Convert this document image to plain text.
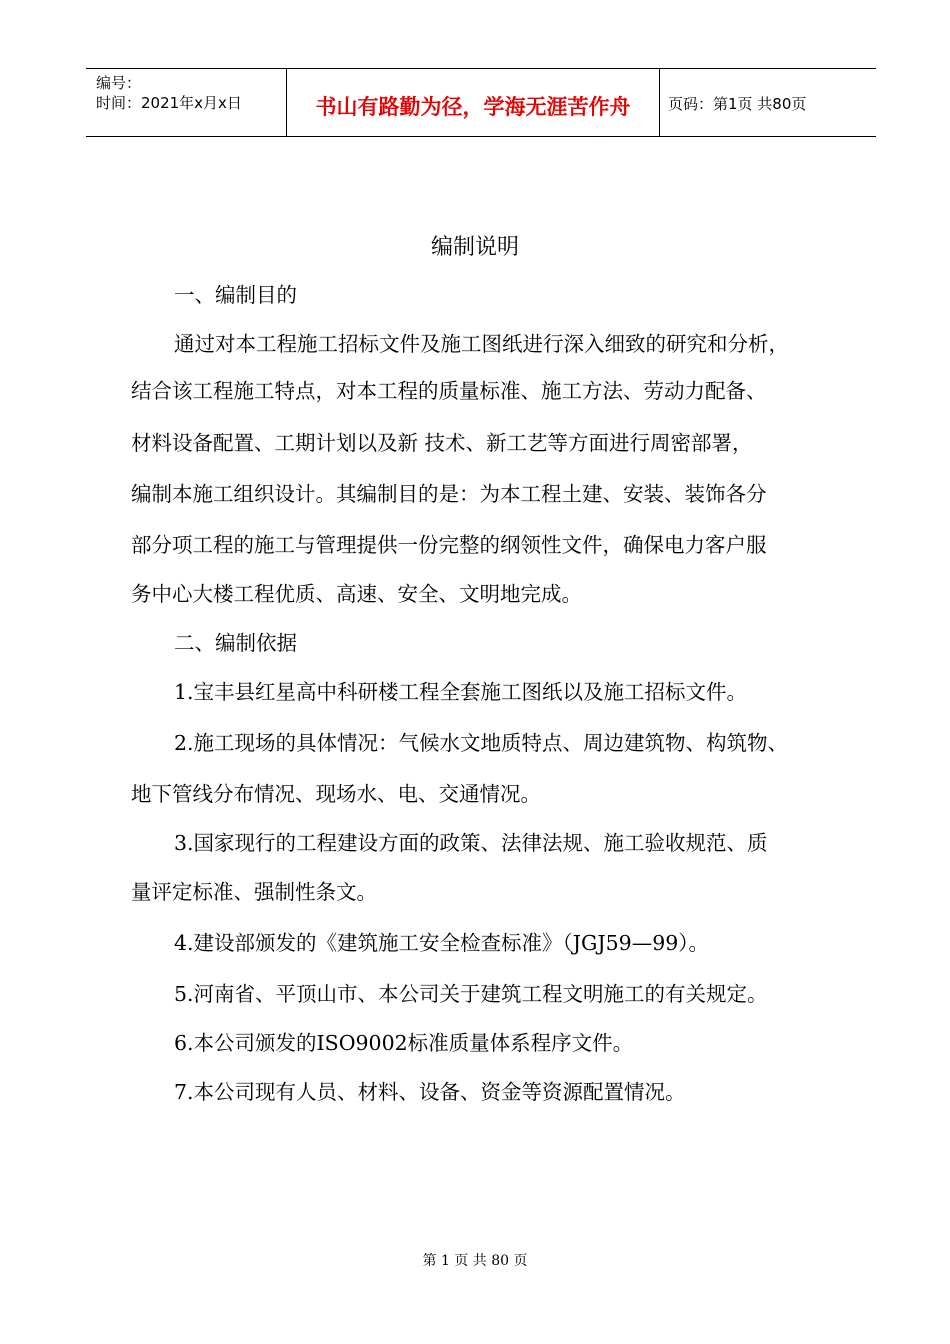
编号：
时间：2021年x月x日	书山有路勤为径，学海无涯苦作舟	页码：第1页 共80页
编制说明
一、编制目的
通过对本工程施工招标文件及施工图纸进行深入细致的研究和分析，
结合该工程施工特点，对本工程的质量标准、施工方法、劳动力配备、
材料设备配置、工期计划以及新 技术、新工艺等方面进行周密部署，
编制本施工组织设计。其编制目的是：为本工程土建、安装、装饰各分
部分项工程的施工与管理提供一份完整的纲领性文件，确保电力客户服
务中心大楼工程优质、高速、安全、文明地完成。
二、编制依据
1.宝丰县红星高中科研楼工程全套施工图纸以及施工招标文件。
2.施工现场的具体情况：气候水文地质特点、周边建筑物、构筑物、
地下管线分布情况、现场水、电、交通情况。
3.国家现行的工程建设方面的政策、法律法规、施工验收规范、质
量评定标准、强制性条文。
4.建设部颁发的《建筑施工安全检查标准》（JGJ59—99）。
5.河南省、平顶山市、本公司关于建筑工程文明施工的有关规定。
6.本公司颁发的ISO9002标准质量体系程序文件。
7.本公司现有人员、材料、设备、资金等资源配置情况。
第 1 页 共 80 页
